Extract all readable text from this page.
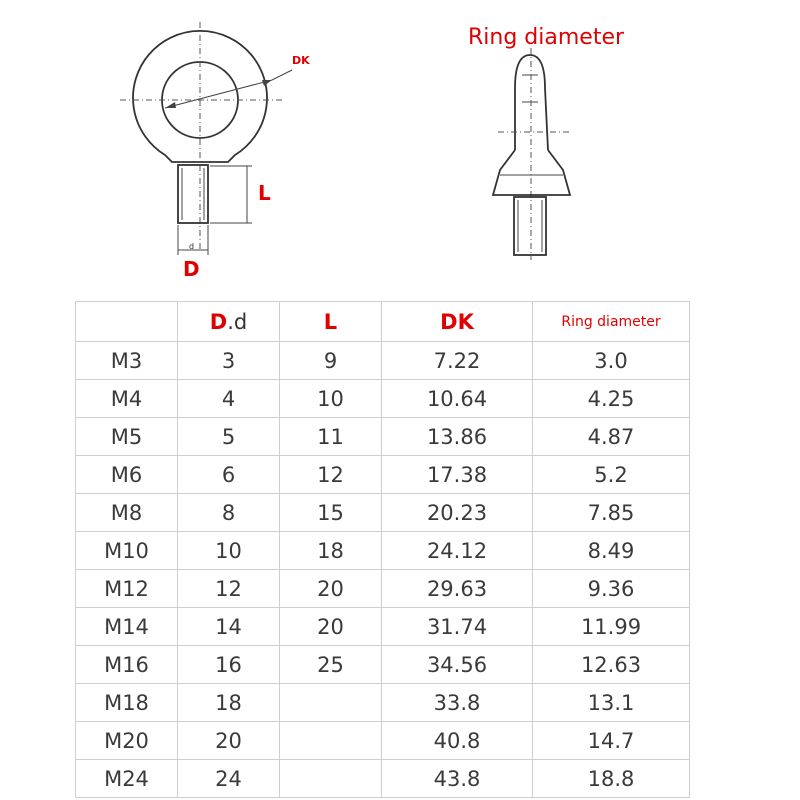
DK
L
d
D
Ring diameter
	D.d	L	DK	Ring diameter
M3	3	9	7.22	3.0
M4	4	10	10.64	4.25
M5	5	11	13.86	4.87
M6	6	12	17.38	5.2
M8	8	15	20.23	7.85
M10	10	18	24.12	8.49
M12	12	20	29.63	9.36
M14	14	20	31.74	11.99
M16	16	25	34.56	12.63
M18	18		33.8	13.1
M20	20		40.8	14.7
M24	24		43.8	18.8
